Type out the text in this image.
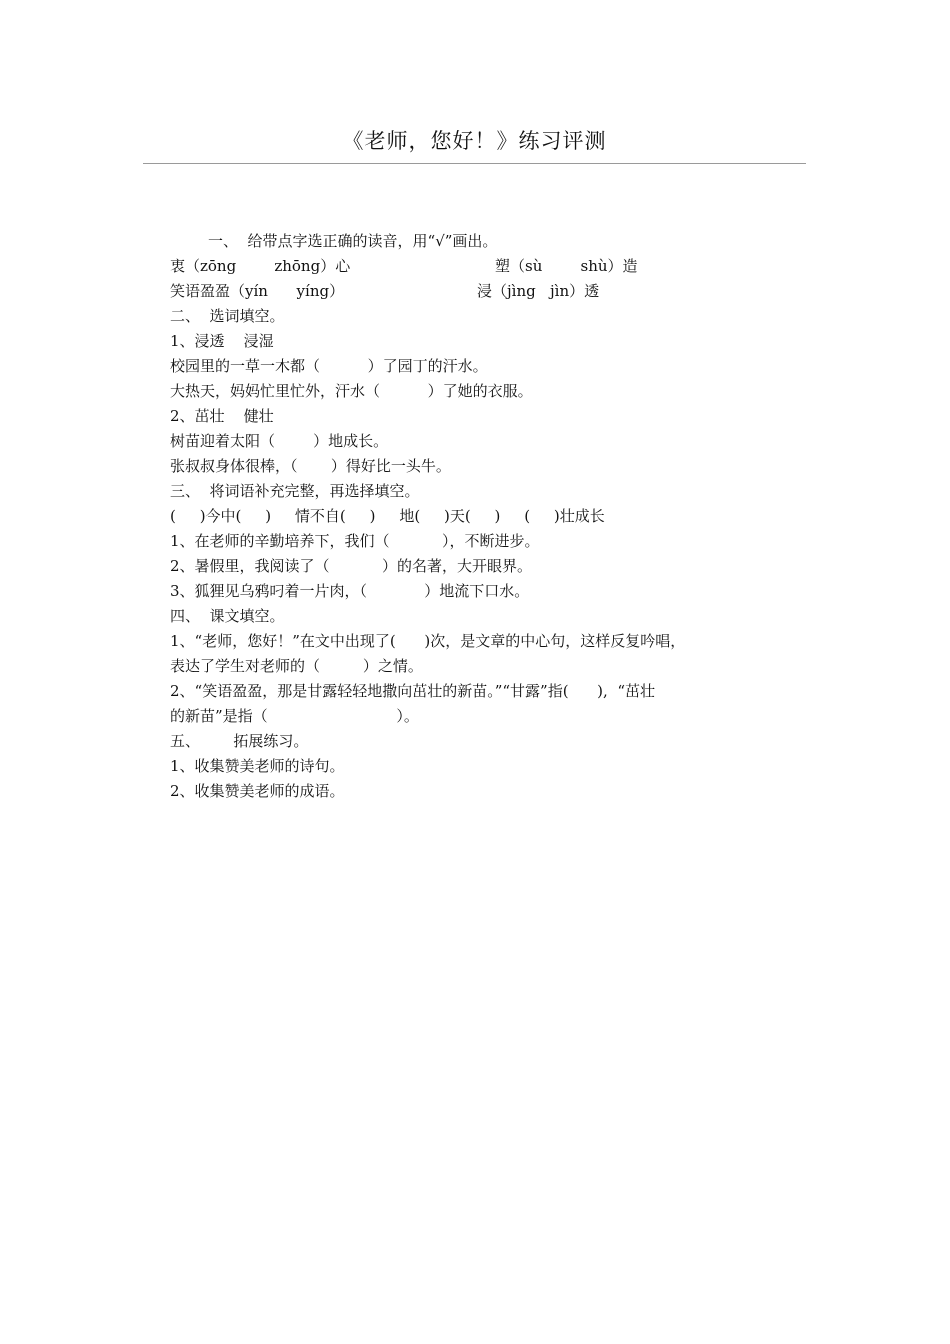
《老师，您好！》练习评测
一、  给带点字选正确的读音，用“√”画出。
衷（zōng        zhōng）心	塑（sù        shù）造
笑语盈盈（yín      yíng）	浸（jìng   jìn）透
二、  选词填空。
1、浸透    浸湿
校园里的一草一木都（          ）了园丁的汗水。
大热天，妈妈忙里忙外，汗水（          ）了她的衣服。
2、茁壮    健壮
树苗迎着太阳（        ）地成长。
张叔叔身体很棒，（       ）得好比一头牛。
三、  将词语补充完整，再选择填空。
(     )今中(     )     情不自(     )     地(     )天(     )     (     )壮成长
1、在老师的辛勤培养下，我们（           ），不断进步。
2、暑假里，我阅读了（           ）的名著，大开眼界。
3、狐狸见乌鸦叼着一片肉，（            ）地流下口水。
四、  课文填空。
1、“老师，您好！”在文中出现了(      )次，是文章的中心句，这样反复吟唱，
表达了学生对老师的（         ）之情。
2、“笑语盈盈，那是甘露轻轻地撒向茁壮的新苗。”“甘露”指(      ),  “茁壮
的新苗”是指（                           ）。
五、       拓展练习。
1、收集赞美老师的诗句。
2、收集赞美老师的成语。
